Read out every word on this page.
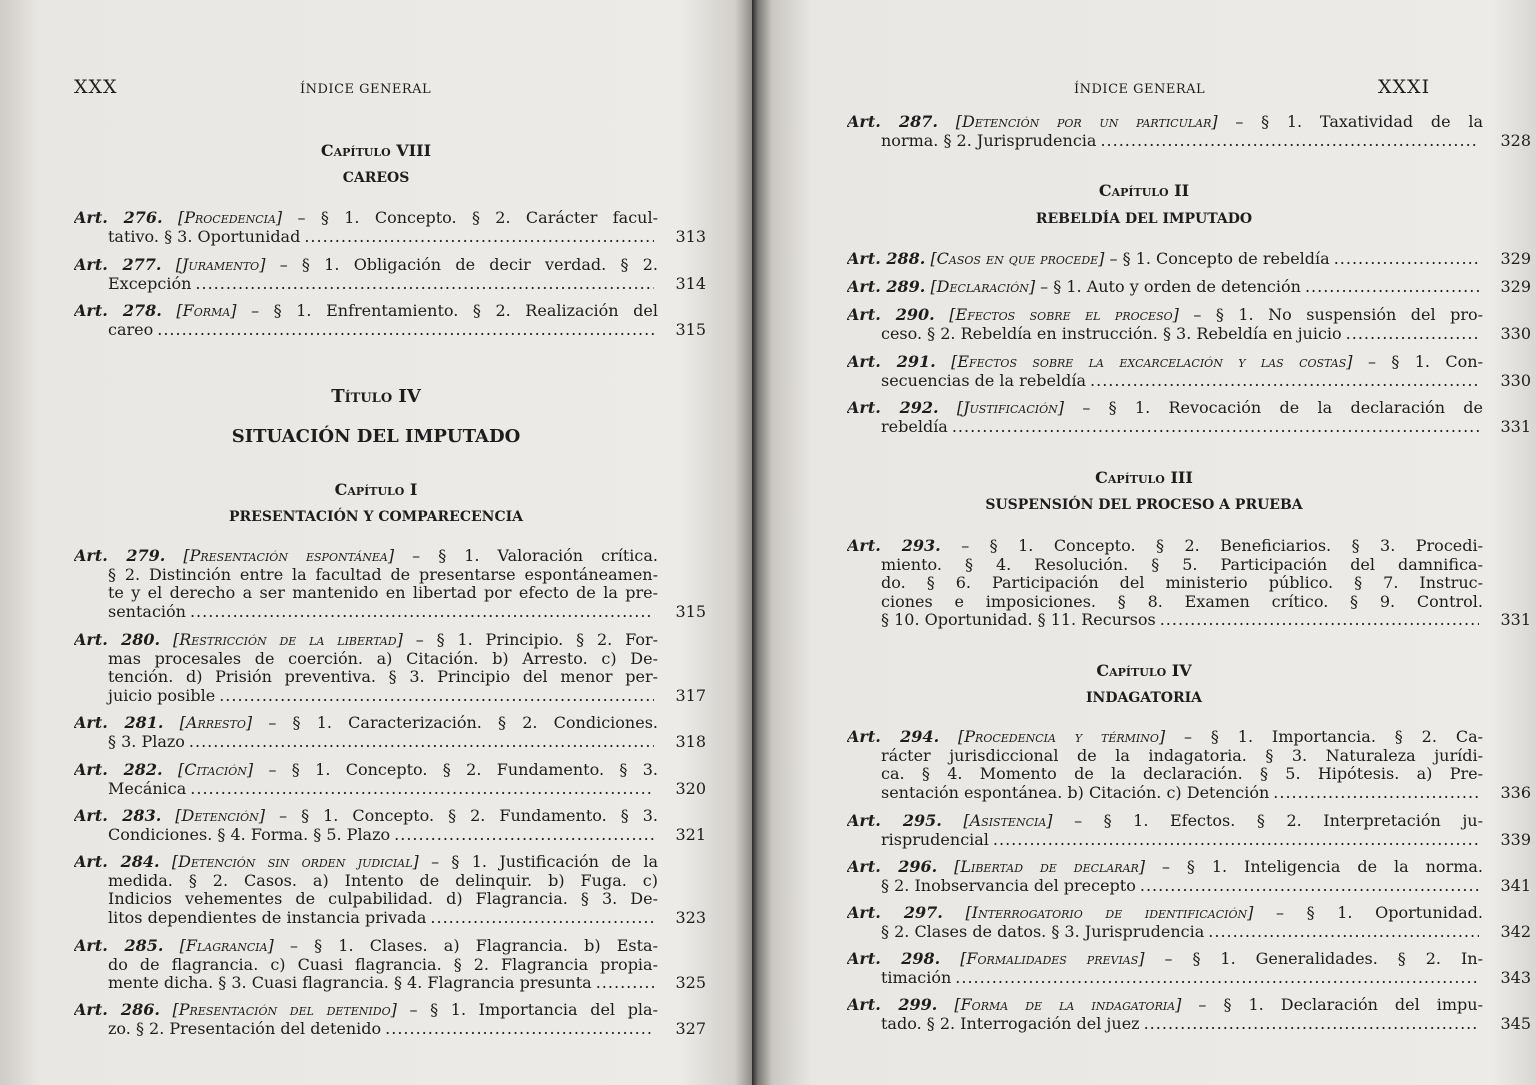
XXX	ÍNDICE GENERAL
Capítulo VIII
CAREOS
Título IV
SITUACIÓN DEL IMPUTADO
Capítulo I
PRESENTACIÓN Y COMPARECENCIA
Art. 276. [Procedencia] – § 1. Concepto. § 2. Carácter facul-
tativo. § 3. Oportunidad .....	313
Art. 277. [Juramento] – § 1. Obligación de decir verdad. § 2.
Excepción .....	314
Art. 278. [Forma] – § 1. Enfrentamiento. § 2. Realización del
careo .....	315
Art. 279. [Presentación espontánea] – § 1. Valoración crítica.
§ 2. Distinción entre la facultad de presentarse espontáneamen-
te y el derecho a ser mantenido en libertad por efecto de la pre-
sentación .....	315
Art. 280. [Restricción de la libertad] – § 1. Principio. § 2. For-
mas procesales de coerción. a) Citación. b) Arresto. c) De-
tención. d) Prisión preventiva. § 3. Principio del menor per-
juicio posible .....	317
Art. 281. [Arresto] – § 1. Caracterización. § 2. Condiciones.
§ 3. Plazo .....	318
Art. 282. [Citación] – § 1. Concepto. § 2. Fundamento. § 3.
Mecánica .....	320
Art. 283. [Detención] – § 1. Concepto. § 2. Fundamento. § 3.
Condiciones. § 4. Forma. § 5. Plazo .....	321
Art. 284. [Detención sin orden judicial] – § 1. Justificación de la
medida. § 2. Casos. a) Intento de delinquir. b) Fuga. c)
Indicios vehementes de culpabilidad. d) Flagrancia. § 3. De-
litos dependientes de instancia privada .....	323
Art. 285. [Flagrancia] – § 1. Clases. a) Flagrancia. b) Esta-
do de flagrancia. c) Cuasi flagrancia. § 2. Flagrancia propia-
mente dicha. § 3. Cuasi flagrancia. § 4. Flagrancia presunta .....	325
Art. 286. [Presentación del detenido] – § 1. Importancia del pla-
zo. § 2. Presentación del detenido .....	327
ÍNDICE GENERAL	XXXI
Capítulo II
REBELDÍA DEL IMPUTADO
Capítulo III
SUSPENSIÓN DEL PROCESO A PRUEBA
Capítulo IV
INDAGATORIA
Art. 287. [Detención por un particular] – § 1. Taxatividad de la
norma. § 2. Jurisprudencia .....	328
Art. 288. [Casos en que procede] – § 1. Concepto de rebeldía .....	329
Art. 289. [Declaración] – § 1. Auto y orden de detención .....	329
Art. 290. [Efectos sobre el proceso] – § 1. No suspensión del pro-
ceso. § 2. Rebeldía en instrucción. § 3. Rebeldía en juicio .....	330
Art. 291. [Efectos sobre la excarcelación y las costas] – § 1. Con-
secuencias de la rebeldía .....	330
Art. 292. [Justificación] – § 1. Revocación de la declaración de
rebeldía .....	331
Art. 293. – § 1. Concepto. § 2. Beneficiarios. § 3. Procedi-
miento. § 4. Resolución. § 5. Participación del damnifica-
do. § 6. Participación del ministerio público. § 7. Instruc-
ciones e imposiciones. § 8. Examen crítico. § 9. Control.
§ 10. Oportunidad. § 11. Recursos .....	331
Art. 294. [Procedencia y término] – § 1. Importancia. § 2. Ca-
rácter jurisdiccional de la indagatoria. § 3. Naturaleza jurídi-
ca. § 4. Momento de la declaración. § 5. Hipótesis. a) Pre-
sentación espontánea. b) Citación. c) Detención .....	336
Art. 295. [Asistencia] – § 1. Efectos. § 2. Interpretación ju-
risprudencial .....	339
Art. 296. [Libertad de declarar] – § 1. Inteligencia de la norma.
§ 2. Inobservancia del precepto .....	341
Art. 297. [Interrogatorio de identificación] – § 1. Oportunidad.
§ 2. Clases de datos. § 3. Jurisprudencia .....	342
Art. 298. [Formalidades previas] – § 1. Generalidades. § 2. In-
timación .....	343
Art. 299. [Forma de la indagatoria] – § 1. Declaración del impu-
tado. § 2. Interrogación del juez .....	345
